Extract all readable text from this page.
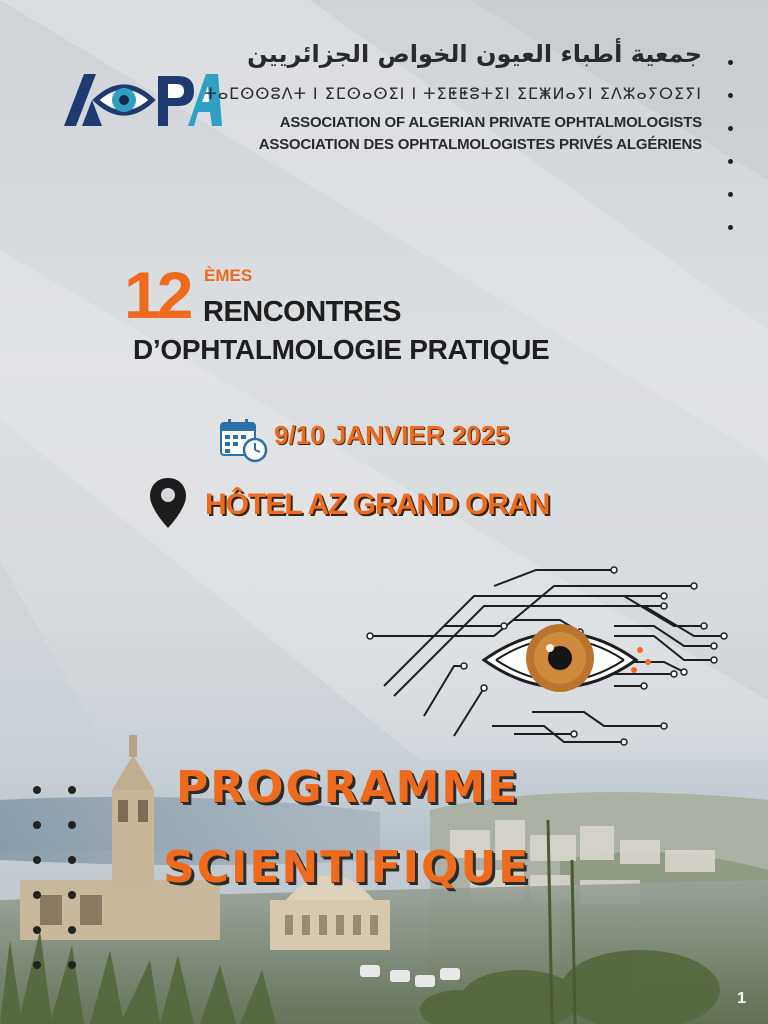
جمعية أطباء العيون الخواص الجزائريين
ⵜⴰⵎⵙⵙⵓⴷⵜ ⵏ ⵉⵎⵙⴰⵙⵉⵏ ⵏ ⵜⵉⵟⵟⵓⵜⵉⵏ ⵉⵎⵥⵍⴰⵢⵏ ⵉⴷⵣⴰⵢⵔⵉⵢⵏ
ASSOCIATION OF ALGERIAN PRIVATE OPHTALMOLOGISTS
ASSOCIATION DES OPHTALMOLOGISTES PRIVÉS ALGÉRIENS
12 ÈMES
RENCONTRES
D’OPHTALMOLOGIE PRATIQUE
9/10 JANVIER 2025
HÔTEL AZ GRAND ORAN
PROGRAMME
SCIENTIFIQUE
1
